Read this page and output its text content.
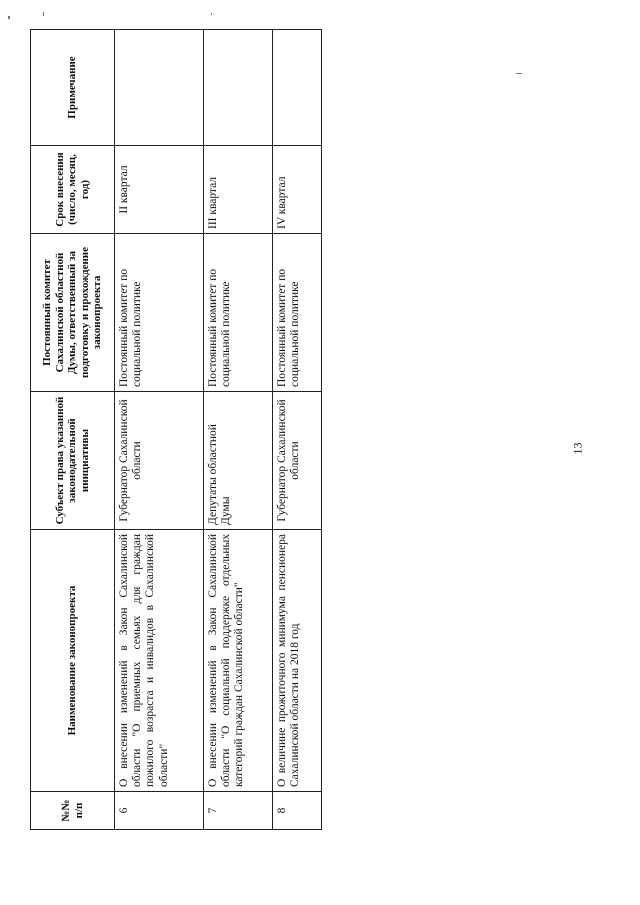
№№ п/п	Наименование законопроекта	Субъект права указанной законодательной инициативы	Постоянный комитет Сахалинской областной Думы, ответственный за подготовку и прохождение законопроекта	Срок внесения (число, месяц, год)	Примечание
6	О внесении изменений в Закон Сахалинской области "О приемных семьях для граждан пожилого возраста и инвалидов в Сахалинской области"	Губернатор Сахалинской области	Постоянный комитет по социальной политике	II квартал	
7	О внесении изменений в Закон Сахалинской области "О социальной поддержке отдельных категорий граждан Сахалинской области"	Депутаты областной Думы	Постоянный комитет по социальной политике	III квартал	
8	О величине прожиточного минимума пенсионера Сахалинской области на 2018 год	Губернатор Сахалинской области	Постоянный комитет по социальной политике	IV квартал	
13
